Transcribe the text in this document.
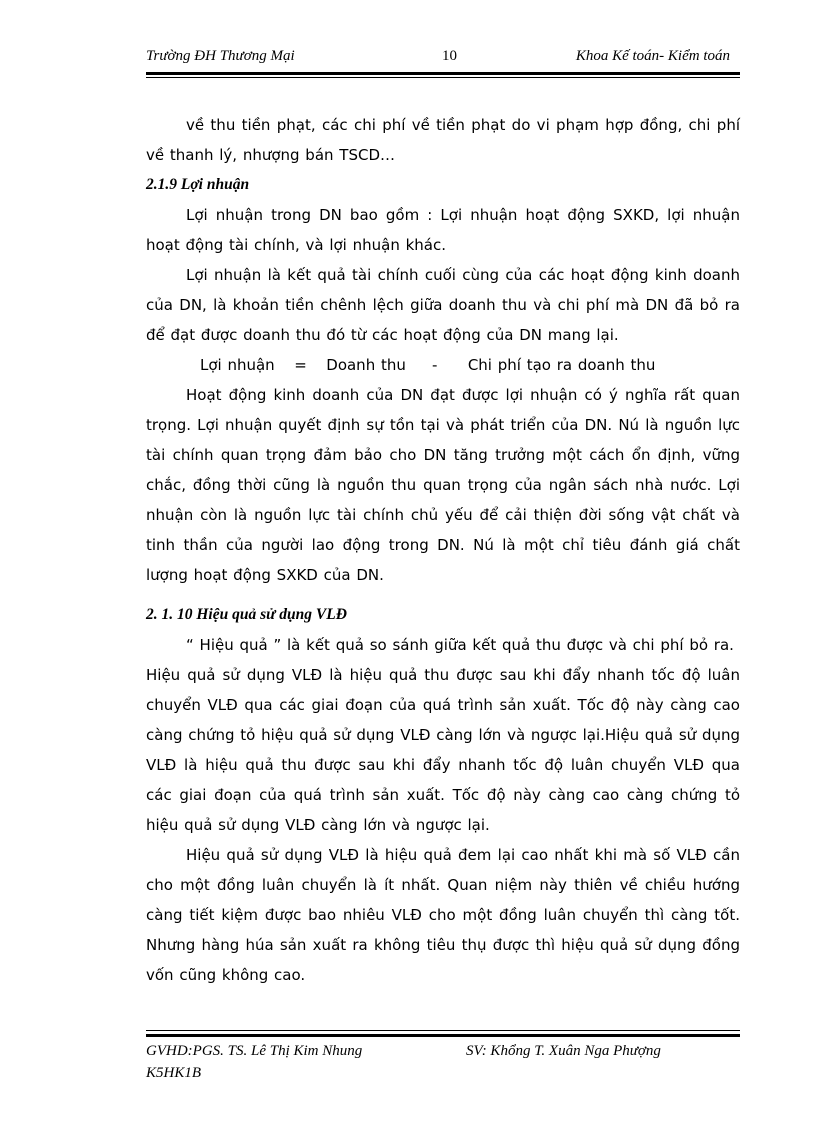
Trường ĐH Thương Mại	10	Khoa Kế toán- Kiểm toán

về thu tiền phạt, các chi phí về tiền phạt do vi phạm hợp đồng, chi phí về thanh lý, nhượng bán TSCD…

2.1.9 Lợi nhuận

Lợi nhuận trong DN bao gồm : Lợi nhuận hoạt động SXKD, lợi nhuận hoạt động tài chính, và lợi nhuận khác.

Lợi nhuận là kết quả tài chính cuối cùng của các hoạt động kinh doanh của DN, là khoản tiền chênh lệch giữa doanh thu và chi phí mà DN đã bỏ ra để đạt được doanh thu đó từ các hoạt động của DN mang lại.

Lợi nhuận = Doanh thu - Chi phí tạo ra doanh thu

Hoạt động kinh doanh của DN đạt được lợi nhuận có ý nghĩa rất quan trọng. Lợi nhuận quyết định sự tồn tại và phát triển của DN. Nú là nguồn lực tài chính quan trọng đảm bảo cho DN tăng trưởng một cách ổn định, vững chắc, đồng thời cũng là nguồn thu quan trọng của ngân sách nhà nước. Lợi nhuận còn là nguồn lực tài chính chủ yếu để cải thiện đời sống vật chất và tinh thần của người lao động trong DN. Nú là một chỉ tiêu đánh giá chất lượng hoạt động SXKD của DN.

2. 1. 10 Hiệu quả sử dụng VLĐ

“ Hiệu quả ” là kết quả so sánh giữa kết quả thu được và chi phí bỏ ra.

Hiệu quả sử dụng VLĐ là hiệu quả thu được sau khi đẩy nhanh tốc độ luân chuyển VLĐ qua các giai đoạn của quá trình sản xuất. Tốc độ này càng cao càng chứng tỏ hiệu quả sử dụng VLĐ càng lớn và ngược lại.Hiệu quả sử dụng VLĐ là hiệu quả thu được sau khi đẩy nhanh tốc độ luân chuyển VLĐ qua các giai đoạn của quá trình sản xuất. Tốc độ này càng cao càng chứng tỏ hiệu quả sử dụng VLĐ càng lớn và ngược lại.

Hiệu quả sử dụng VLĐ là hiệu quả đem lại cao nhất khi mà số VLĐ cần cho một đồng luân chuyển là ít nhất. Quan niệm này thiên về chiều hướng càng tiết kiệm được bao nhiêu VLĐ cho một đồng luân chuyển thì càng tốt. Nhưng hàng húa sản xuất ra không tiêu thụ được thì hiệu quả sử dụng đồng vốn cũng không cao.

GVHD:PGS. TS. Lê Thị Kim Nhung	SV: Khổng T. Xuân Nga Phượng
K5HK1B
